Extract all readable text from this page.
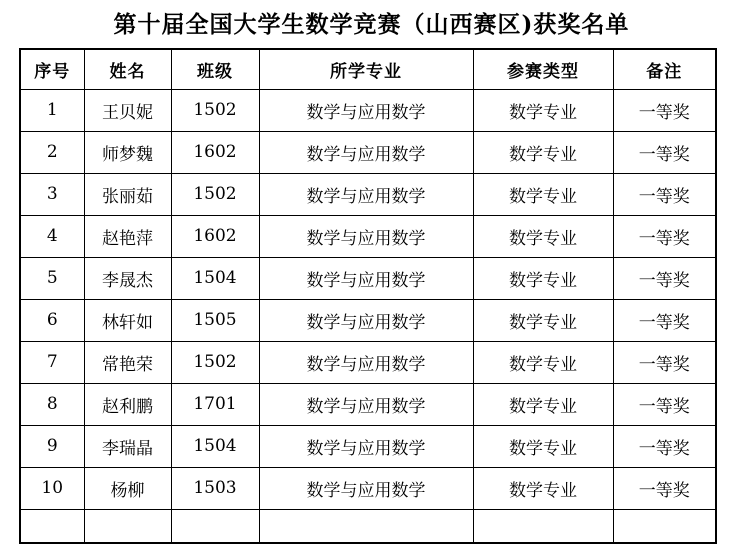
第十届全国大学生数学竞赛（山西赛区)获奖名单
序号	姓名	班级	所学专业	参赛类型	备注
1	王贝妮	1502	数学与应用数学	数学专业	一等奖
2	师梦魏	1602	数学与应用数学	数学专业	一等奖
3	张丽茹	1502	数学与应用数学	数学专业	一等奖
4	赵艳萍	1602	数学与应用数学	数学专业	一等奖
5	李晟杰	1504	数学与应用数学	数学专业	一等奖
6	林轩如	1505	数学与应用数学	数学专业	一等奖
7	常艳荣	1502	数学与应用数学	数学专业	一等奖
8	赵利鹏	1701	数学与应用数学	数学专业	一等奖
9	李瑞晶	1504	数学与应用数学	数学专业	一等奖
10	杨柳	1503	数学与应用数学	数学专业	一等奖
